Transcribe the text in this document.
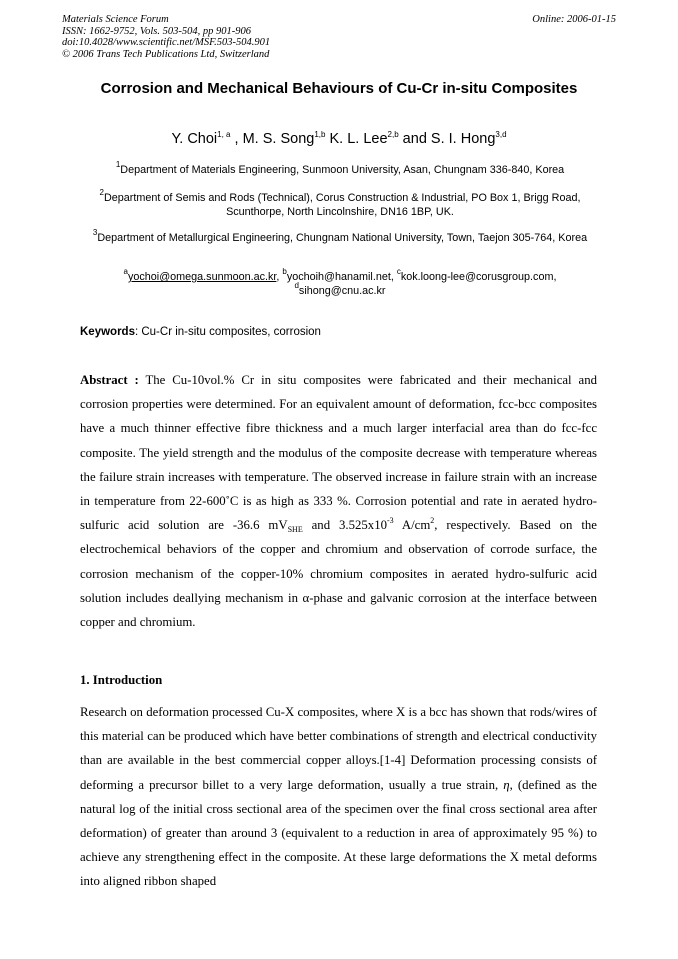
Materials Science Forum
ISSN: 1662-9752, Vols. 503-504, pp 901-906
doi:10.4028/www.scientific.net/MSF.503-504.901
© 2006 Trans Tech Publications Ltd, Switzerland
Online: 2006-01-15
Corrosion and Mechanical Behaviours of Cu-Cr in-situ Composites
Y. Choi$^{1, a}$ , M. S. Song$^{1,b}$ K. L. Lee$^{2,b}$ and S. I. Hong$^{3,d}$
$^1$Department of Materials Engineering, Sunmoon University, Asan, Chungnam 336-840, Korea
$^2$Department of Semis and Rods (Technical), Corus Construction & Industrial, PO Box 1, Brigg Road, Scunthorpe, North Lincolnshire, DN16 1BP, UK.
$^3$Department of Metallurgical Engineering, Chungnam National University, Town, Taejon 305-764, Korea
$^a$yochoi@omega.sunmoon.ac.kr, $^b$yochoih@hanamil.net, $^c$kok.loong-lee@corusgroup.com,
$^d$sihong@cnu.ac.kr
Keywords: Cu-Cr in-situ composites, corrosion
Abstract : The Cu-10vol.% Cr in situ composites were fabricated and their mechanical and corrosion properties were determined. For an equivalent amount of deformation, fcc-bcc composites have a much thinner effective fibre thickness and a much larger interfacial area than do fcc-fcc composite. The yield strength and the modulus of the composite decrease with temperature whereas the failure strain increases with temperature. The observed increase in failure strain with an increase in temperature from 22-600˚C is as high as 333 %. Corrosion potential and rate in aerated hydro-sulfuric acid solution are -36.6 $mV_{SHE}$ and $3.525x10^{-3}$ $A/cm^2$, respectively. Based on the electrochemical behaviors of the copper and chromium and observation of corrode surface, the corrosion mechanism of the copper-10% chromium composites in aerated hydro-sulfuric acid solution includes deallying mechanism in α-phase and galvanic corrosion at the interface between copper and chromium.
1. Introduction
Research on deformation processed Cu-X composites, where X is a bcc has shown that rods/wires of this material can be produced which have better combinations of strength and electrical conductivity than are available in the best commercial copper alloys.[1-4] Deformation processing consists of deforming a precursor billet to a very large deformation, usually a true strain, η, (defined as the natural log of the initial cross sectional area of the specimen over the final cross sectional area after deformation) of greater than around 3 (equivalent to a reduction in area of approximately 95 %) to achieve any strengthening effect in the composite. At these large deformations the X metal deforms into aligned ribbon shaped
